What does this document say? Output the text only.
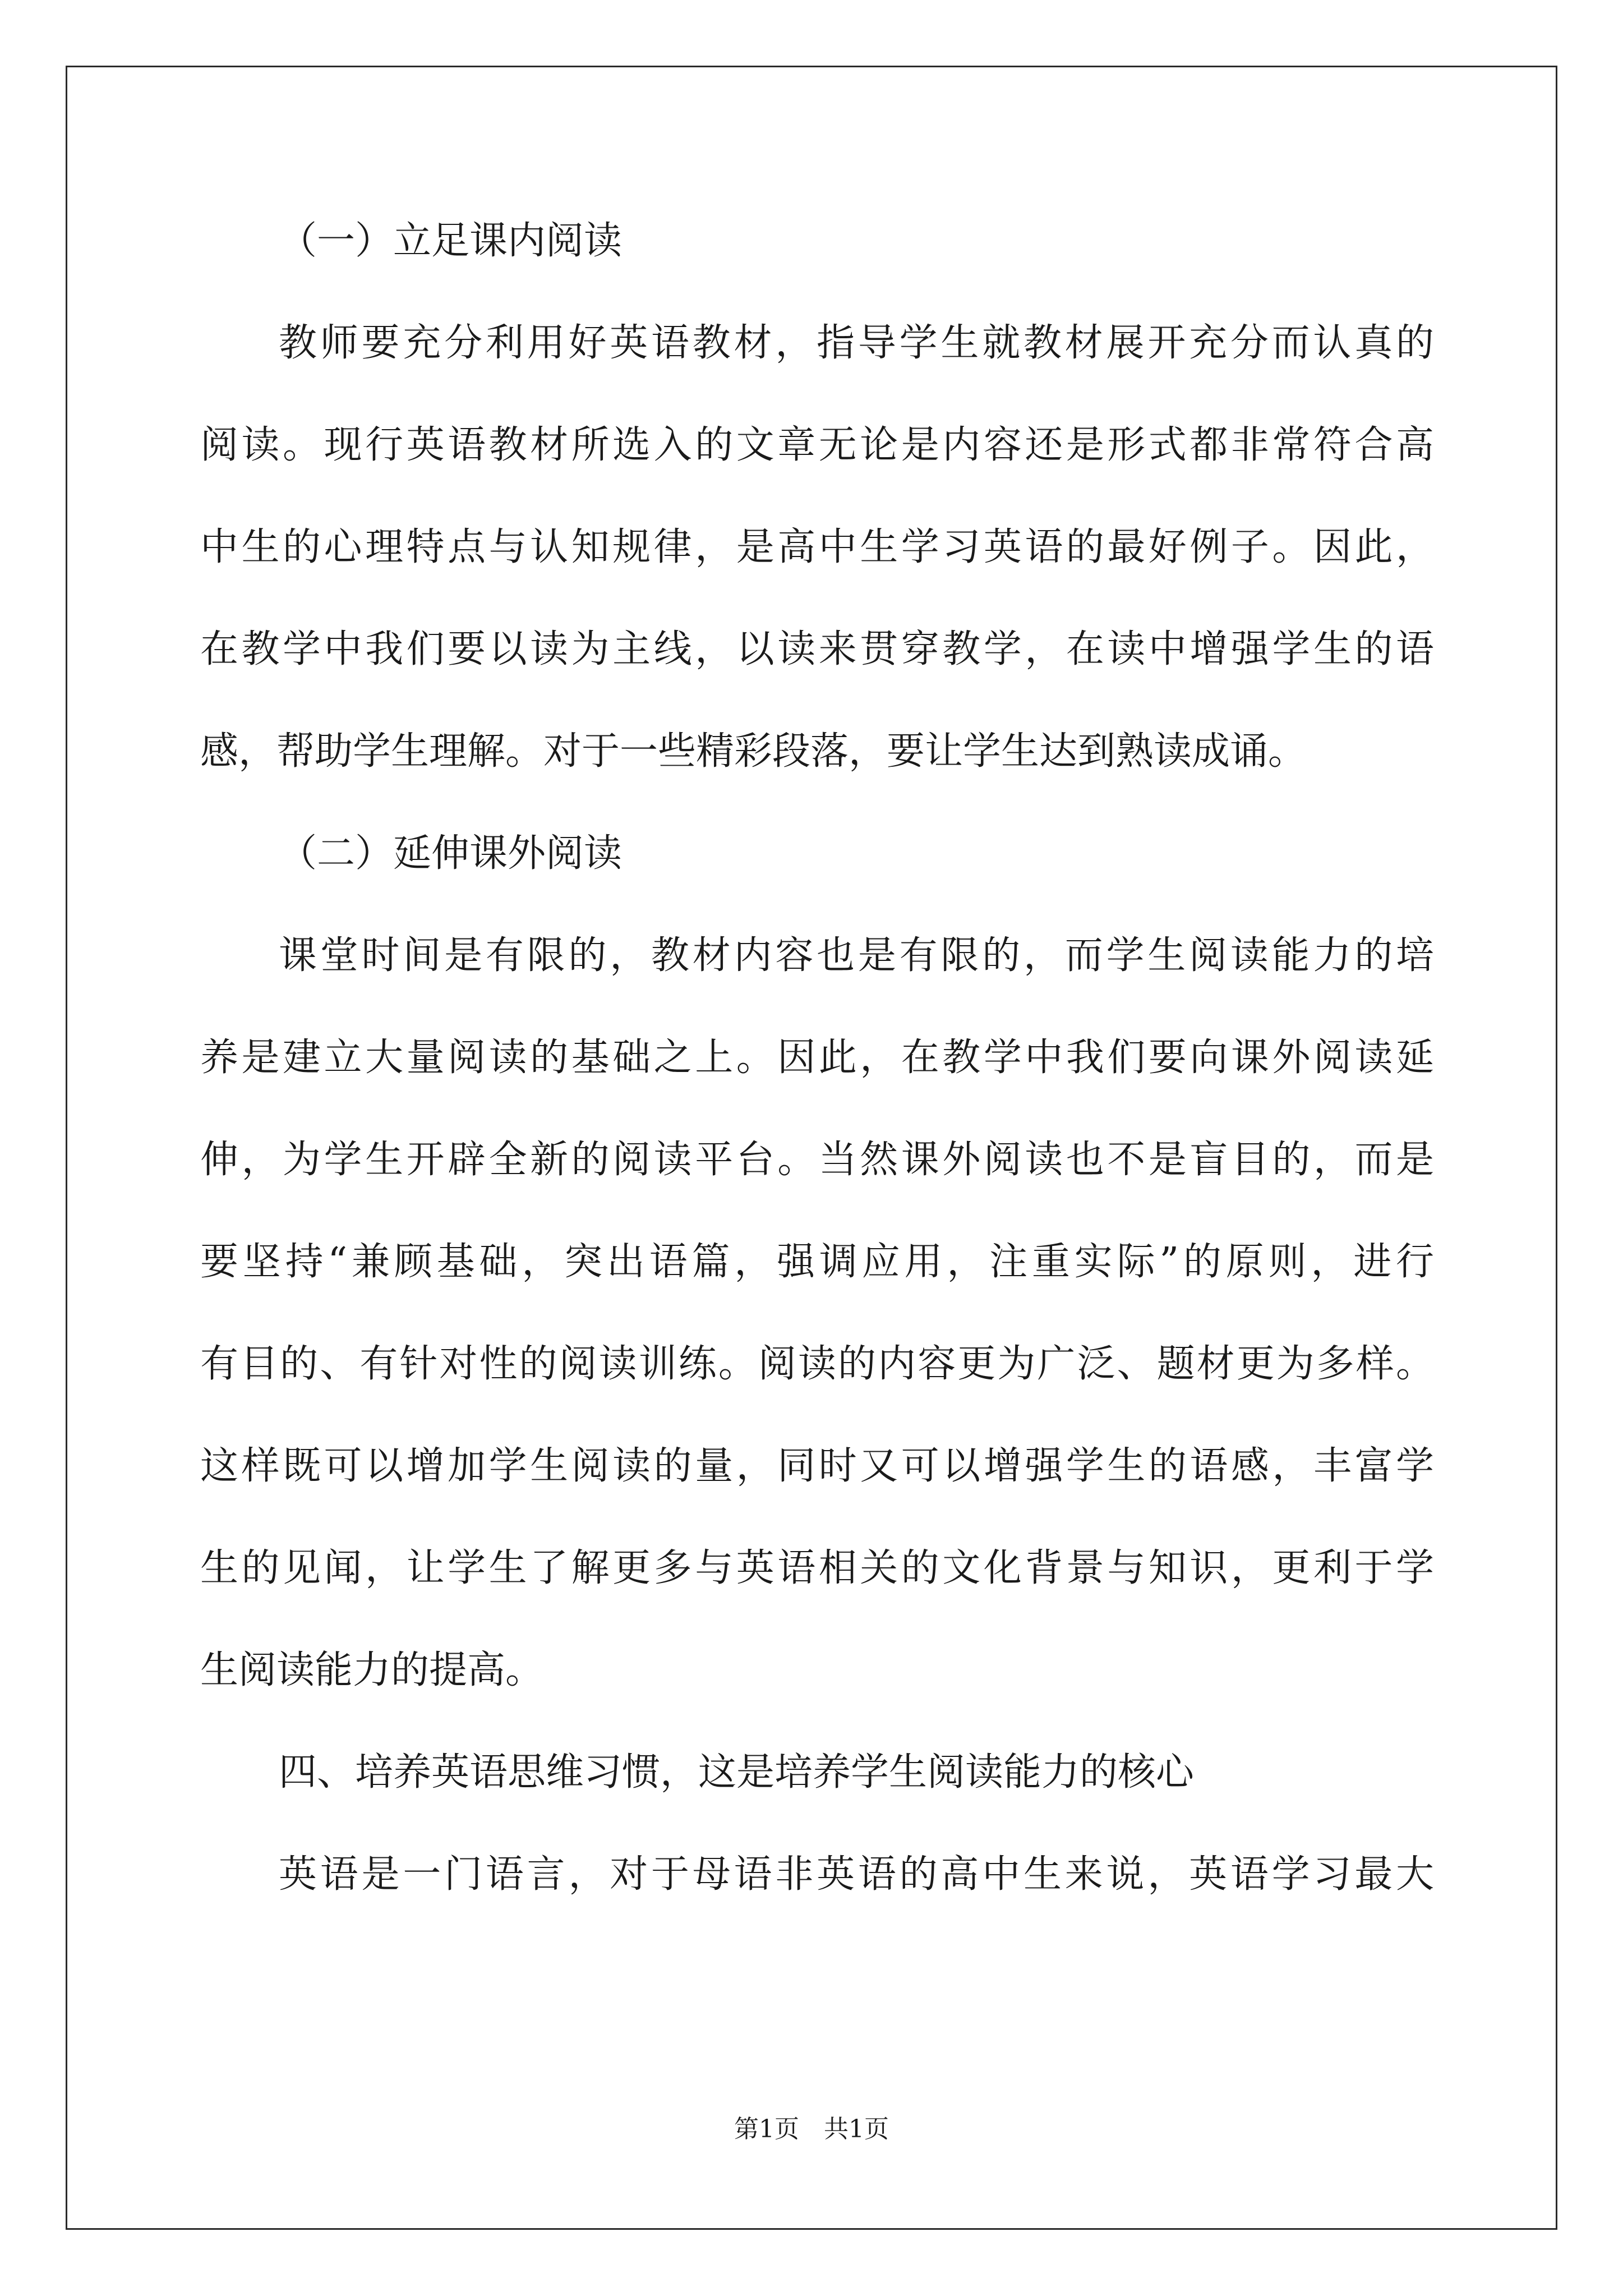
（一）立足课内阅读
教师要充分利用好英语教材，指导学生就教材展开充分而认真的
阅读。现行英语教材所选入的文章无论是内容还是形式都非常符合高
中生的心理特点与认知规律，是高中生学习英语的最好例子。因此，
在教学中我们要以读为主线，以读来贯穿教学，在读中增强学生的语
感，帮助学生理解。对于一些精彩段落，要让学生达到熟读成诵。
（二）延伸课外阅读
课堂时间是有限的，教材内容也是有限的，而学生阅读能力的培
养是建立大量阅读的基础之上。因此，在教学中我们要向课外阅读延
伸，为学生开辟全新的阅读平台。当然课外阅读也不是盲目的，而是
要坚持“兼顾基础，突出语篇，强调应用，注重实际”的原则，进行
有目的、有针对性的阅读训练。阅读的内容更为广泛、题材更为多样。
这样既可以增加学生阅读的量，同时又可以增强学生的语感，丰富学
生的见闻，让学生了解更多与英语相关的文化背景与知识，更利于学
生阅读能力的提高。
四、培养英语思维习惯，这是培养学生阅读能力的核心
英语是一门语言，对于母语非英语的高中生来说，英语学习最大
第1页　共1页
